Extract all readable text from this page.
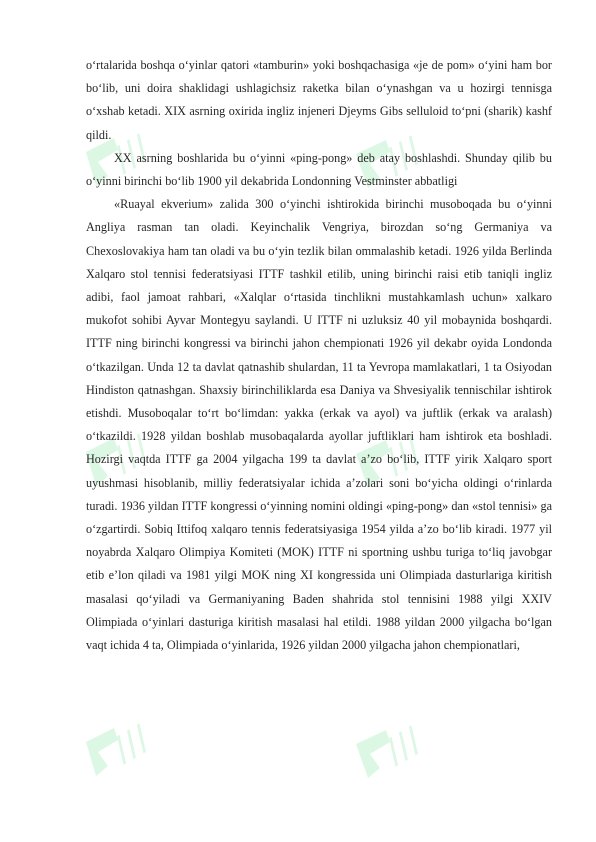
///	///
///	///
///	///

oʻrtalarida boshqa oʻyinlar qatori «tamburin» yoki boshqachasiga «je de pom» oʻyini ham bor boʻlib, uni doira shaklidagi ushlagichsiz raketka bilan oʻynashgan va u hozirgi tennisga oʻxshab ketadi. XIX asrning oxirida ingliz injeneri Djeyms Gibs selluloid toʻpni (sharik) kashf qildi.

XX asrning boshlarida bu oʻyinni «ping-pong» deb atay boshlashdi. Shunday qilib bu oʻyinni birinchi boʻlib 1900 yil dekabrida Londonning Vestminster abbatligi

«Ruayal ekverium» zalida 300 oʻyinchi ishtirokida birinchi musoboqada bu oʻyinni Angliya rasman tan oladi. Keyinchalik Vengriya, birozdan soʻng Germaniya va Chexoslovakiya ham tan oladi va bu oʻyin tezlik bilan ommalashib ketadi. 1926 yilda Berlinda Xalqaro stol tennisi federatsiyasi ITTF tashkil etilib, uning birinchi raisi etib taniqli ingliz adibi, faol jamoat rahbari, «Xalqlar oʻrtasida tinchlikni mustahkamlash uchun» xalkaro mukofot sohibi Ayvar Montegyu saylandi. U ITTF ni uzluksiz 40 yil mobaynida boshqardi. ITTF ning birinchi kongressi va birinchi jahon chempionati 1926 yil dekabr oyida Londonda oʻtkazilgan. Unda 12 ta davlat qatnashib shulardan, 11 ta Yevropa mamlakatlari, 1 ta Osiyodan Hindiston qatnashgan. Shaxsiy birinchiliklarda esa Daniya va Shvesiyalik tennischilar ishtirok etishdi. Musoboqalar toʻrt boʻlimdan: yakka (erkak va ayol) va juftlik (erkak va aralash) oʻtkazildi. 1928 yildan boshlab musobaqalarda ayollar juftliklari ham ishtirok eta boshladi. Hozirgi vaqtda ITTF ga 2004 yilgacha 199 ta davlat aʼzo boʻlib, ITTF yirik Xalqaro sport uyushmasi hisoblanib, milliy federatsiyalar ichida aʼzolari soni boʻyicha oldingi oʻrinlarda turadi. 1936 yildan ITTF kongressi oʻyinning nomini oldingi «ping-pong» dan «stol tennisi» ga oʻzgartirdi. Sobiq Ittifoq xalqaro tennis federatsiyasiga 1954 yilda aʼzo boʻlib kiradi. 1977 yil noyabrda Xalqaro Olimpiya Komiteti (MOK) ITTF ni sportning ushbu turiga toʻliq javobgar etib eʼlon qiladi va 1981 yilgi MOK ning XI kongressida uni Olimpiada dasturlariga kiritish masalasi qoʻyiladi va Germaniyaning Baden shahrida stol tennisini 1988 yilgi XXIV Olimpiada oʻyinlari dasturiga kiritish masalasi hal etildi. 1988 yildan 2000 yilgacha boʻlgan vaqt ichida 4 ta, Olimpiada oʻyinlarida, 1926 yildan 2000 yilgacha jahon chempionatlari,
